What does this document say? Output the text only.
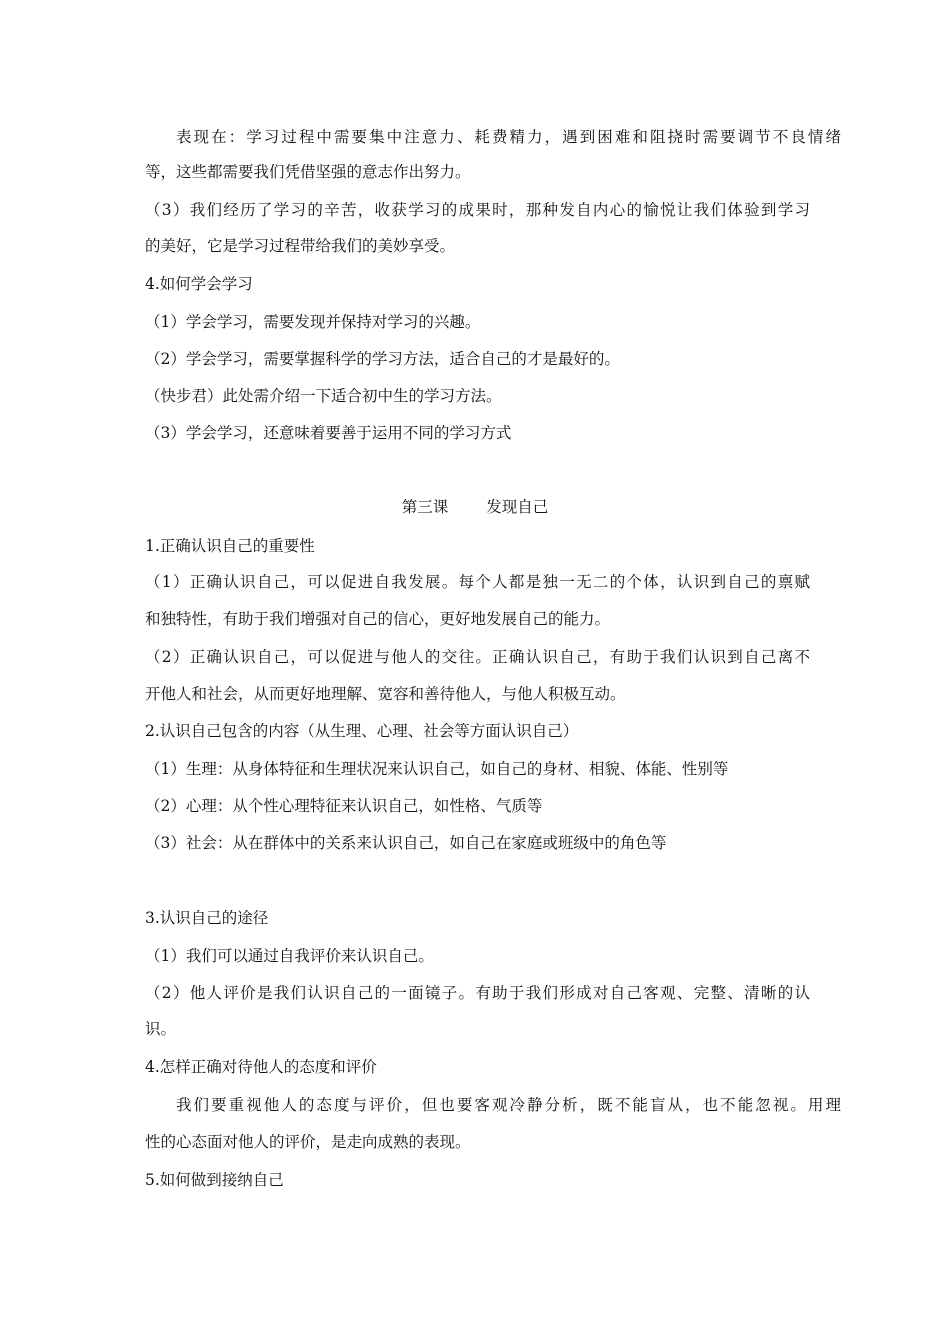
表现在：学习过程中需要集中注意力、耗费精力，遇到困难和阻挠时需要调节不良情绪
等，这些都需要我们凭借坚强的意志作出努力。
（3）我们经历了学习的辛苦，收获学习的成果时，那种发自内心的愉悦让我们体验到学习
的美好，它是学习过程带给我们的美妙享受。
4.如何学会学习
（1）学会学习，需要发现并保持对学习的兴趣。
（2）学会学习，需要掌握科学的学习方法，适合自己的才是最好的。
（快步君）此处需介绍一下适合初中生的学习方法。
（3）学会学习，还意味着要善于运用不同的学习方式
第三课 发现自己
1.正确认识自己的重要性
（1）正确认识自己，可以促进自我发展。每个人都是独一无二的个体，认识到自己的禀赋
和独特性，有助于我们增强对自己的信心，更好地发展自己的能力。
（2）正确认识自己，可以促进与他人的交往。正确认识自己，有助于我们认识到自己离不
开他人和社会，从而更好地理解、宽容和善待他人，与他人积极互动。
2.认识自己包含的内容（从生理、心理、社会等方面认识自己）
（1）生理：从身体特征和生理状况来认识自己，如自己的身材、相貌、体能、性别等
（2）心理：从个性心理特征来认识自己，如性格、气质等
（3）社会：从在群体中的关系来认识自己，如自己在家庭或班级中的角色等
3.认识自己的途径
（1）我们可以通过自我评价来认识自己。
（2）他人评价是我们认识自己的一面镜子。有助于我们形成对自己客观、完整、清晰的认
识。
4.怎样正确对待他人的态度和评价
我们要重视他人的态度与评价，但也要客观冷静分析，既不能盲从，也不能忽视。用理
性的心态面对他人的评价，是走向成熟的表现。
5.如何做到接纳自己
